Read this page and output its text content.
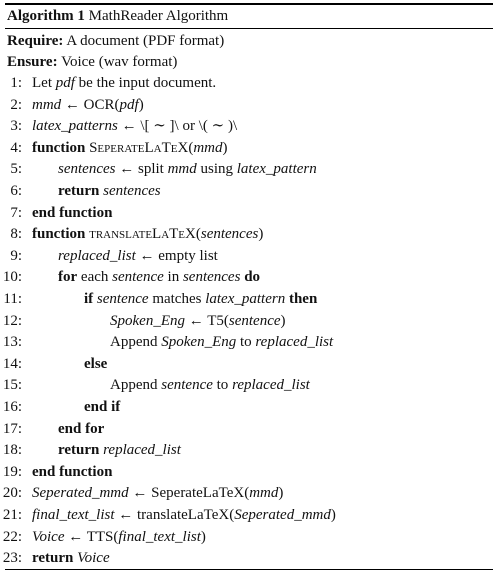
Algorithm 1 MathReader Algorithm
Require: A document (PDF format)
Ensure: Voice (wav format)
1: Let pdf be the input document.
2: mmd ← OCR(pdf)
3: latex_patterns ← \[ ∼ ]\ or \( ∼ )\
4: function SeperateLaTeX(mmd)
5: sentences ← split mmd using latex_pattern
6: return sentences
7: end function
8: function translateLaTeX(sentences)
9: replaced_list ← empty list
10: for each sentence in sentences do
11:	if sentence matches latex_pattern then
12:	Spoken_Eng ← T5(sentence)
13:	Append Spoken_Eng to replaced_list
14:	else
15:	Append sentence to replaced_list
16:	end if
17: end for
18: return replaced_list
19: end function
20: Seperated_mmd ← SeperateLaTeX(mmd)
21: final_text_list ← translateLaTeX(Seperated_mmd)
22: Voice ← TTS(final_text_list)
23: return Voice
